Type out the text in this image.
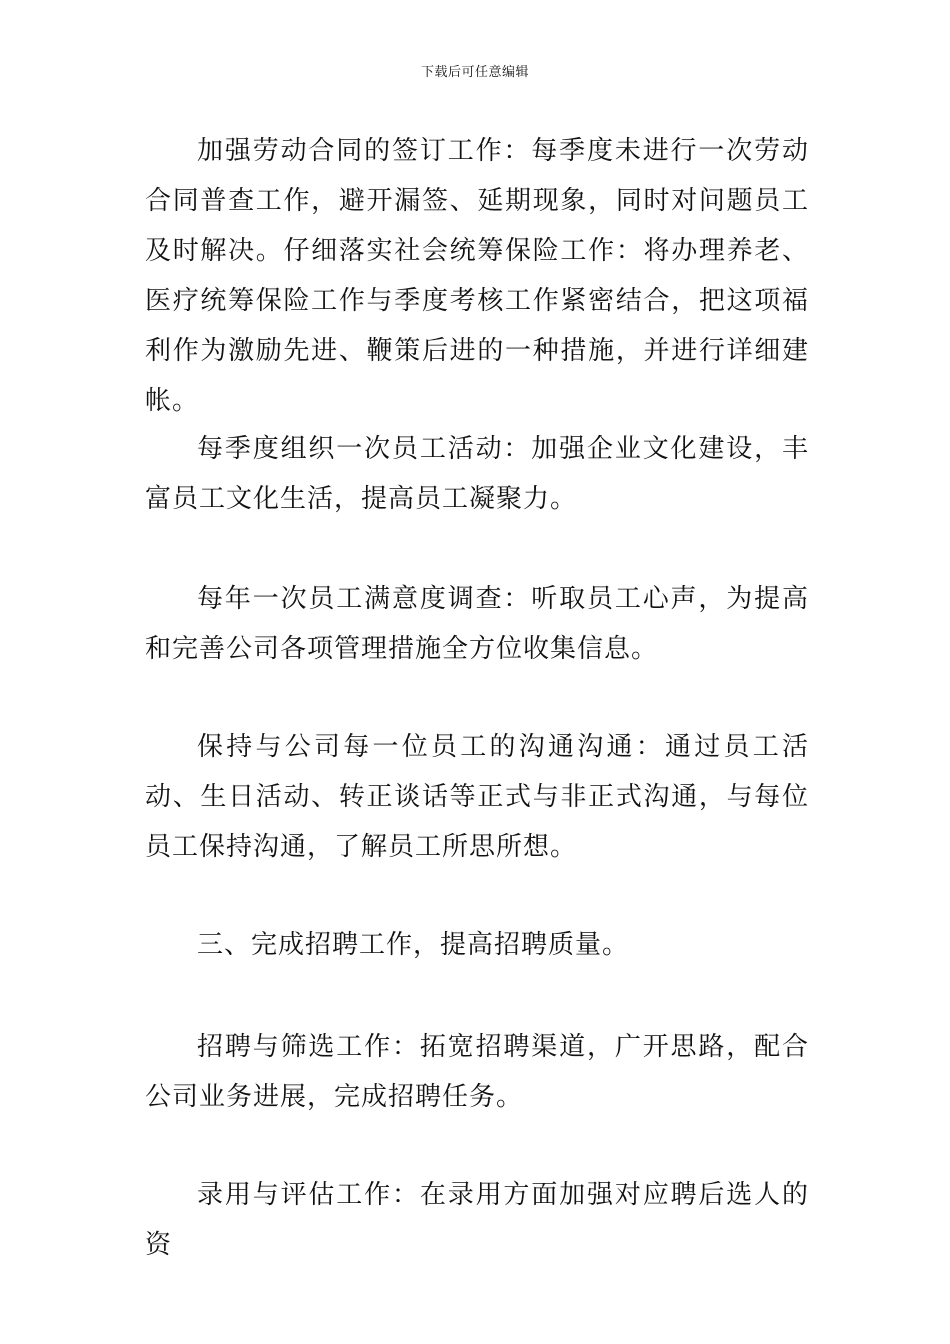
下载后可任意编辑

加强劳动合同的签订工作：每季度未进行一次劳动合同普查工作，避开漏签、延期现象，同时对问题员工及时解决。仔细落实社会统筹保险工作：将办理养老、医疗统筹保险工作与季度考核工作紧密结合，把这项福利作为激励先进、鞭策后进的一种措施，并进行详细建帐。

每季度组织一次员工活动：加强企业文化建设，丰富员工文化生活，提高员工凝聚力。

每年一次员工满意度调查：听取员工心声，为提高和完善公司各项管理措施全方位收集信息。

保持与公司每一位员工的沟通沟通：通过员工活动、生日活动、转正谈话等正式与非正式沟通，与每位员工保持沟通，了解员工所思所想。

三、完成招聘工作，提高招聘质量。

招聘与筛选工作：拓宽招聘渠道，广开思路，配合公司业务进展，完成招聘任务。

录用与评估工作：在录用方面加强对应聘后选人的资
